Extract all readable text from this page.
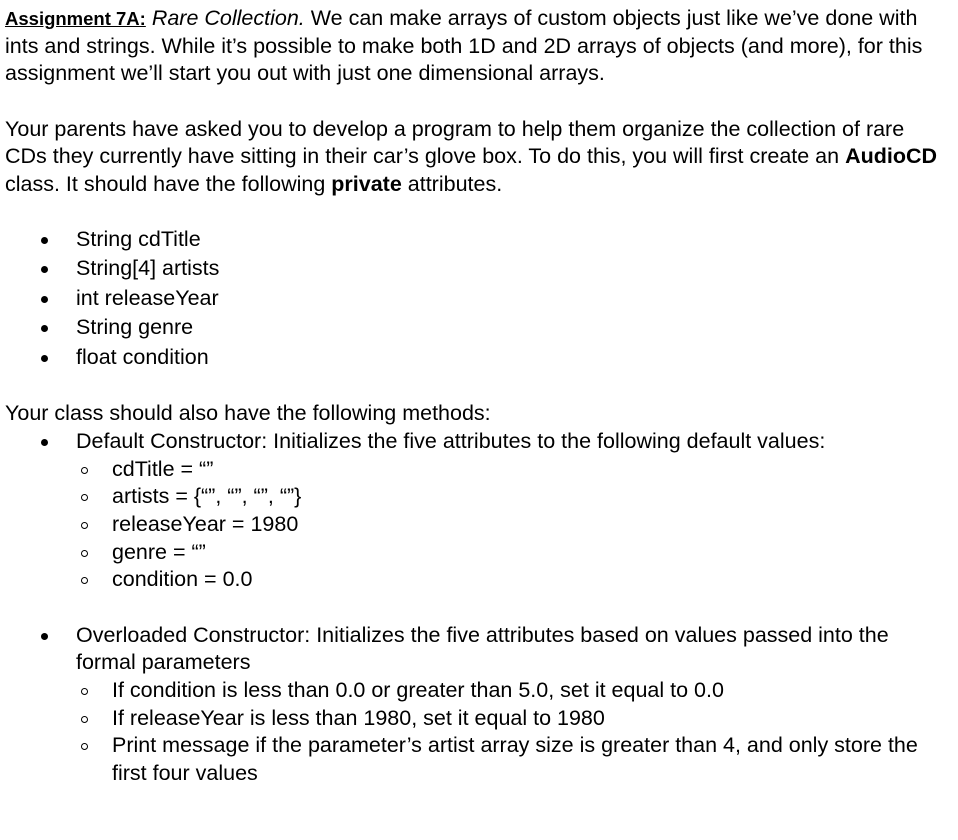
Assignment 7A: Rare Collection. We can make arrays of custom objects just like we’ve done with ints and strings. While it’s possible to make both 1D and 2D arrays of objects (and more), for this assignment we’ll start you out with just one dimensional arrays.

Your parents have asked you to develop a program to help them organize the collection of rare CDs they currently have sitting in their car’s glove box. To do this, you will first create an AudioCD class. It should have the following private attributes.

String cdTitle
String[4] artists
int releaseYear
String genre
float condition

Your class should also have the following methods:

Default Constructor: Initializes the five attributes to the following default values:
cdTitle = “”
artists = {“”, “”, “”, “”}
releaseYear = 1980
genre = “”
condition = 0.0
Overloaded Constructor: Initializes the five attributes based on values passed into the formal parameters
If condition is less than 0.0 or greater than 5.0, set it equal to 0.0
If releaseYear is less than 1980, set it equal to 1980
Print message if the parameter’s artist array size is greater than 4, and only store the first four values
